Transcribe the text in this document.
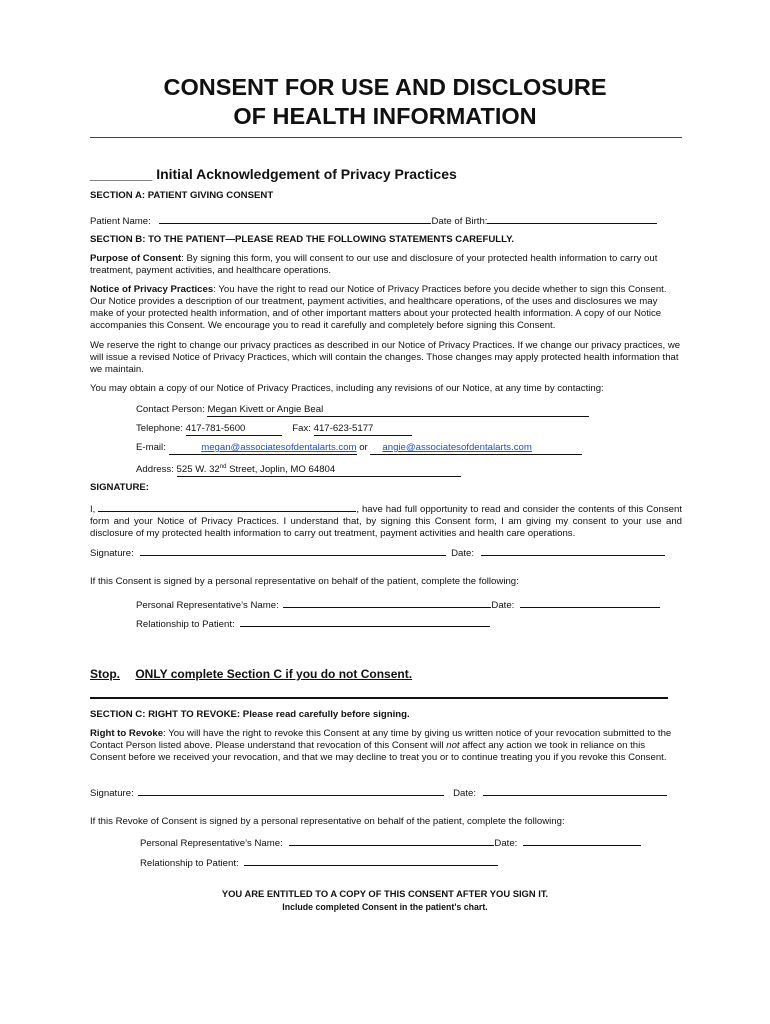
CONSENT FOR USE AND DISCLOSURE
OF HEALTH INFORMATION
________ Initial Acknowledgement of Privacy Practices
SECTION A: PATIENT GIVING CONSENT
Patient Name:	Date of Birth:
SECTION B: TO THE PATIENT—PLEASE READ THE FOLLOWING STATEMENTS CAREFULLY.
Purpose of Consent: By signing this form, you will consent to our use and disclosure of your protected health information to carry out treatment, payment activities, and healthcare operations.
Notice of Privacy Practices: You have the right to read our Notice of Privacy Practices before you decide whether to sign this Consent. Our Notice provides a description of our treatment, payment activities, and healthcare operations, of the uses and disclosures we may make of your protected health information, and of other important matters about your protected health information. A copy of our Notice accompanies this Consent. We encourage you to read it carefully and completely before signing this Consent.
We reserve the right to change our privacy practices as described in our Notice of Privacy Practices. If we change our privacy practices, we will issue a revised Notice of Privacy Practices, which will contain the changes. Those changes may apply protected health information that we maintain.
You may obtain a copy of our Notice of Privacy Practices, including any revisions of our Notice, at any time by contacting:
Contact Person: Megan Kivett or Angie Beal
Telephone: 417-781-5600	Fax: 417-623-5177
E-mail:	megan@associatesofdentalarts.com or angie@associatesofdentalarts.com
Address: 525 W. 32nd Street, Joplin, MO 64804
SIGNATURE:
I,	, have had full opportunity to read and consider the contents of this Consent form and your Notice of Privacy Practices. I understand that, by signing this Consent form, I am giving my consent to your use and disclosure of my protected health information to carry out treatment, payment activities and health care operations.
Signature:	Date:
If this Consent is signed by a personal representative on behalf of the patient, complete the following:
Personal Representative’s Name:	Date:
Relationship to Patient:
Stop. ONLY complete Section C if you do not Consent.
SECTION C: RIGHT TO REVOKE: Please read carefully before signing.
Right to Revoke: You will have the right to revoke this Consent at any time by giving us written notice of your revocation submitted to the Contact Person listed above. Please understand that revocation of this Consent will not affect any action we took in reliance on this Consent before we received your revocation, and that we may decline to treat you or to continue treating you if you revoke this Consent.
Signature:	Date:
If this Revoke of Consent is signed by a personal representative on behalf of the patient, complete the following:
Personal Representative’s Name:	Date:
Relationship to Patient:
YOU ARE ENTITLED TO A COPY OF THIS CONSENT AFTER YOU SIGN IT.
Include completed Consent in the patient's chart.
